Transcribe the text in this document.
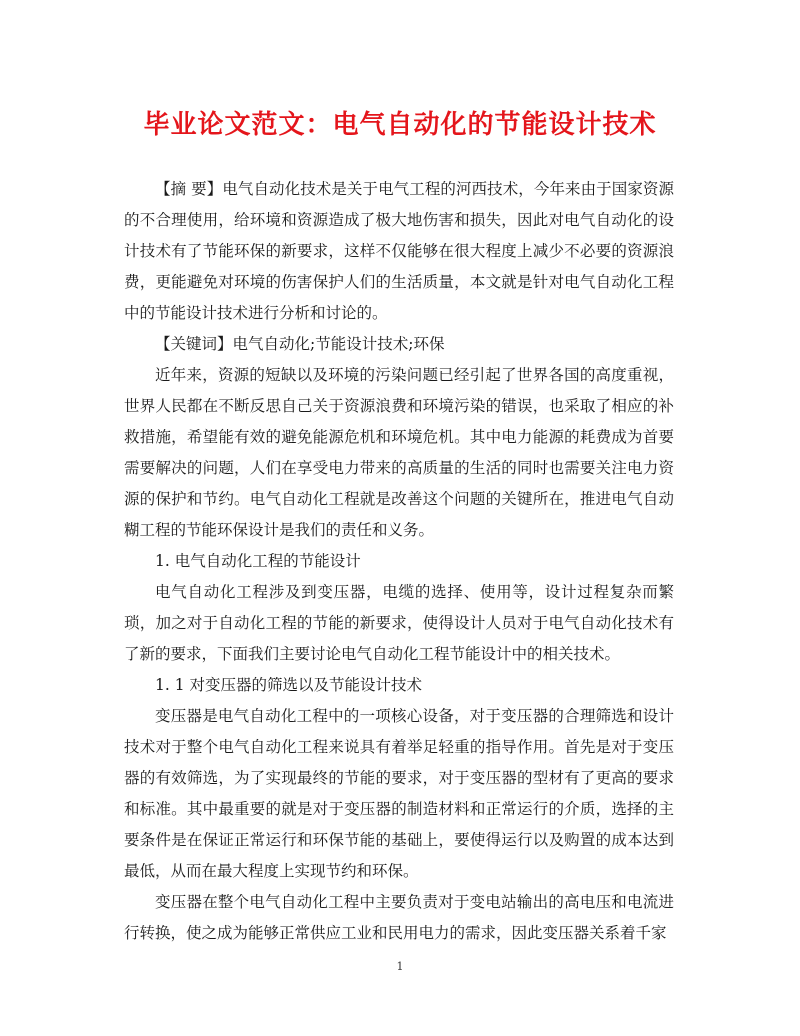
毕业论文范文：电气自动化的节能设计技术

【摘 要】电气自动化技术是关于电气工程的河西技术，今年来由于国家资源的不合理使用，给环境和资源造成了极大地伤害和损失，因此对电气自动化的设计技术有了节能环保的新要求，这样不仅能够在很大程度上减少不必要的资源浪费，更能避免对环境的伤害保护人们的生活质量，本文就是针对电气自动化工程中的节能设计技术进行分析和讨论的。

【关键词】电气自动化;节能设计技术;环保

近年来，资源的短缺以及环境的污染问题已经引起了世界各国的高度重视，世界人民都在不断反思自己关于资源浪费和环境污染的错误，也采取了相应的补救措施，希望能有效的避免能源危机和环境危机。其中电力能源的耗费成为首要需要解决的问题，人们在享受电力带来的高质量的生活的同时也需要关注电力资源的保护和节约。电气自动化工程就是改善这个问题的关键所在，推进电气自动糊工程的节能环保设计是我们的责任和义务。

1. 电气自动化工程的节能设计

电气自动化工程涉及到变压器，电缆的选择、使用等，设计过程复杂而繁琐，加之对于自动化工程的节能的新要求，使得设计人员对于电气自动化技术有了新的要求，下面我们主要讨论电气自动化工程节能设计中的相关技术。

1. 1 对变压器的筛选以及节能设计技术

变压器是电气自动化工程中的一项核心设备，对于变压器的合理筛选和设计技术对于整个电气自动化工程来说具有着举足轻重的指导作用。首先是对于变压器的有效筛选，为了实现最终的节能的要求，对于变压器的型材有了更高的要求和标准。其中最重要的就是对于变压器的制造材料和正常运行的介质，选择的主要条件是在保证正常运行和环保节能的基础上，要使得运行以及购置的成本达到最低，从而在最大程度上实现节约和环保。

变压器在整个电气自动化工程中主要负责对于变电站输出的高电压和电流进行转换，使之成为能够正常供应工业和民用电力的需求，因此变压器关系着千家

1
